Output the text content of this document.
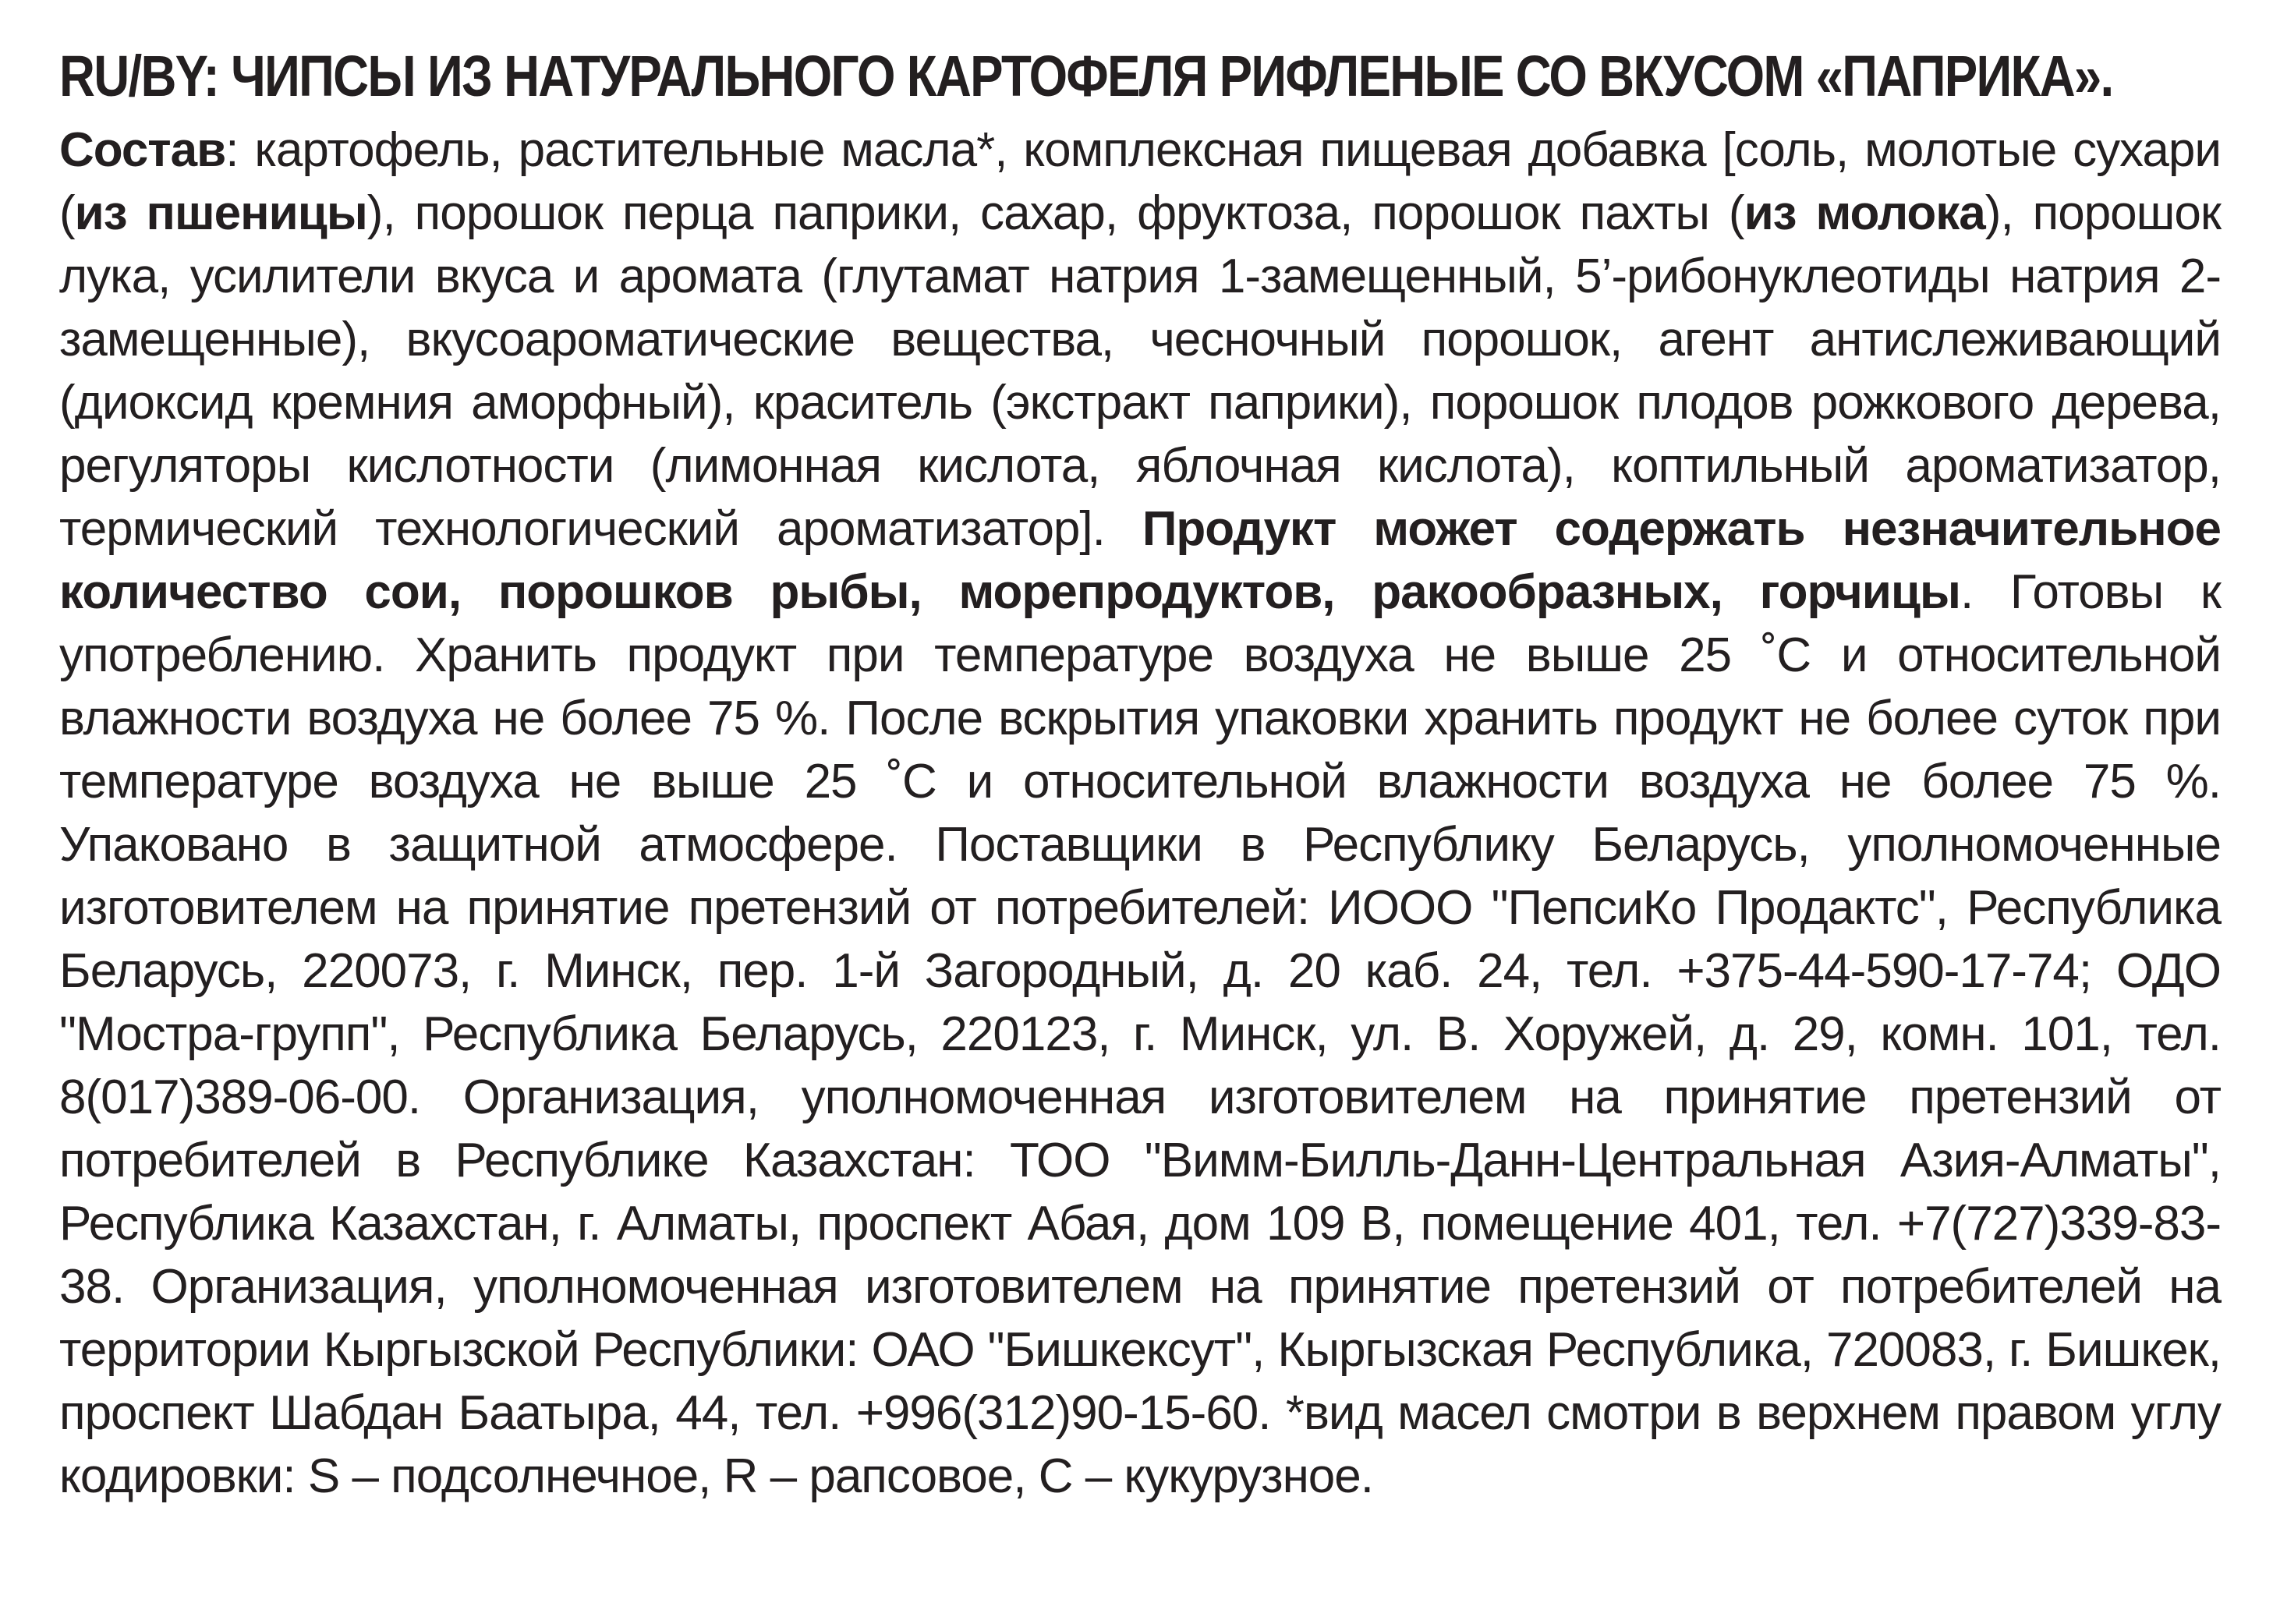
RU/BY: ЧИПСЫ ИЗ НАТУРАЛЬНОГО КАРТОФЕЛЯ РИФЛЕНЫЕ СО ВКУСОМ «ПАПРИКА».

Состав: картофель, растительные масла*, комплексная пищевая добавка [соль, молотые сухари (из пшеницы), порошок перца паприки, сахар, фруктоза, порошок пахты (из молока), порошок лука, усилители вкуса и аромата (глутамат натрия 1-замещенный, 5’-рибонуклеотиды натрия 2-замещенные), вкусоароматические вещества, чесночный порошок, агент антислеживающий (диоксид кремния аморфный), краситель (экстракт паприки), порошок плодов рожкового дерева, регуляторы кислотности (лимонная кислота, яблочная кислота), коптильный ароматизатор, термический технологический ароматизатор]. Продукт может содержать незначительное количество сои, порошков рыбы, морепродуктов, ракообразных, горчицы. Готовы к употреблению. Хранить продукт при температуре воздуха не выше 25 ˚С и относительной влажности воздуха не более 75 %. После вскрытия упаковки хранить продукт не более суток при температуре воздуха не выше 25 ˚С и относительной влажности воздуха не более 75 %. Упаковано в защитной атмосфере. Поставщики в Республику Беларусь, уполномоченные изготовителем на принятие претензий от потребителей: ИООО "ПепсиКо Продактс", Республика Беларусь, 220073, г. Минск, пер. 1-й Загородный, д. 20 каб. 24, тел. +375-44-590-17-74; ОДО "Мостра-групп", Республика Беларусь, 220123, г. Минск, ул. В. Хоружей, д. 29, комн. 101, тел. 8(017)389-06-00. Организация, уполномоченная изготовителем на принятие претензий от потребителей в Республике Казахстан: ТОО "Вимм-Билль-Данн-Центральная Азия-Алматы", Республика Казахстан, г. Алматы, проспект Абая, дом 109 В, помещение 401, тел. +7(727)339-83-38. Организация, уполномоченная изготовителем на принятие претензий от потребителей на территории Кыргызской Республики: ОАО "Бишкексут", Кыргызская Республика, 720083, г. Бишкек, проспект Шабдан Баатыра, 44, тел. +996(312)90-15-60. *вид масел смотри в верхнем правом углу кодировки: S – подсолнечное, R – рапсовое, С – кукурузное.
